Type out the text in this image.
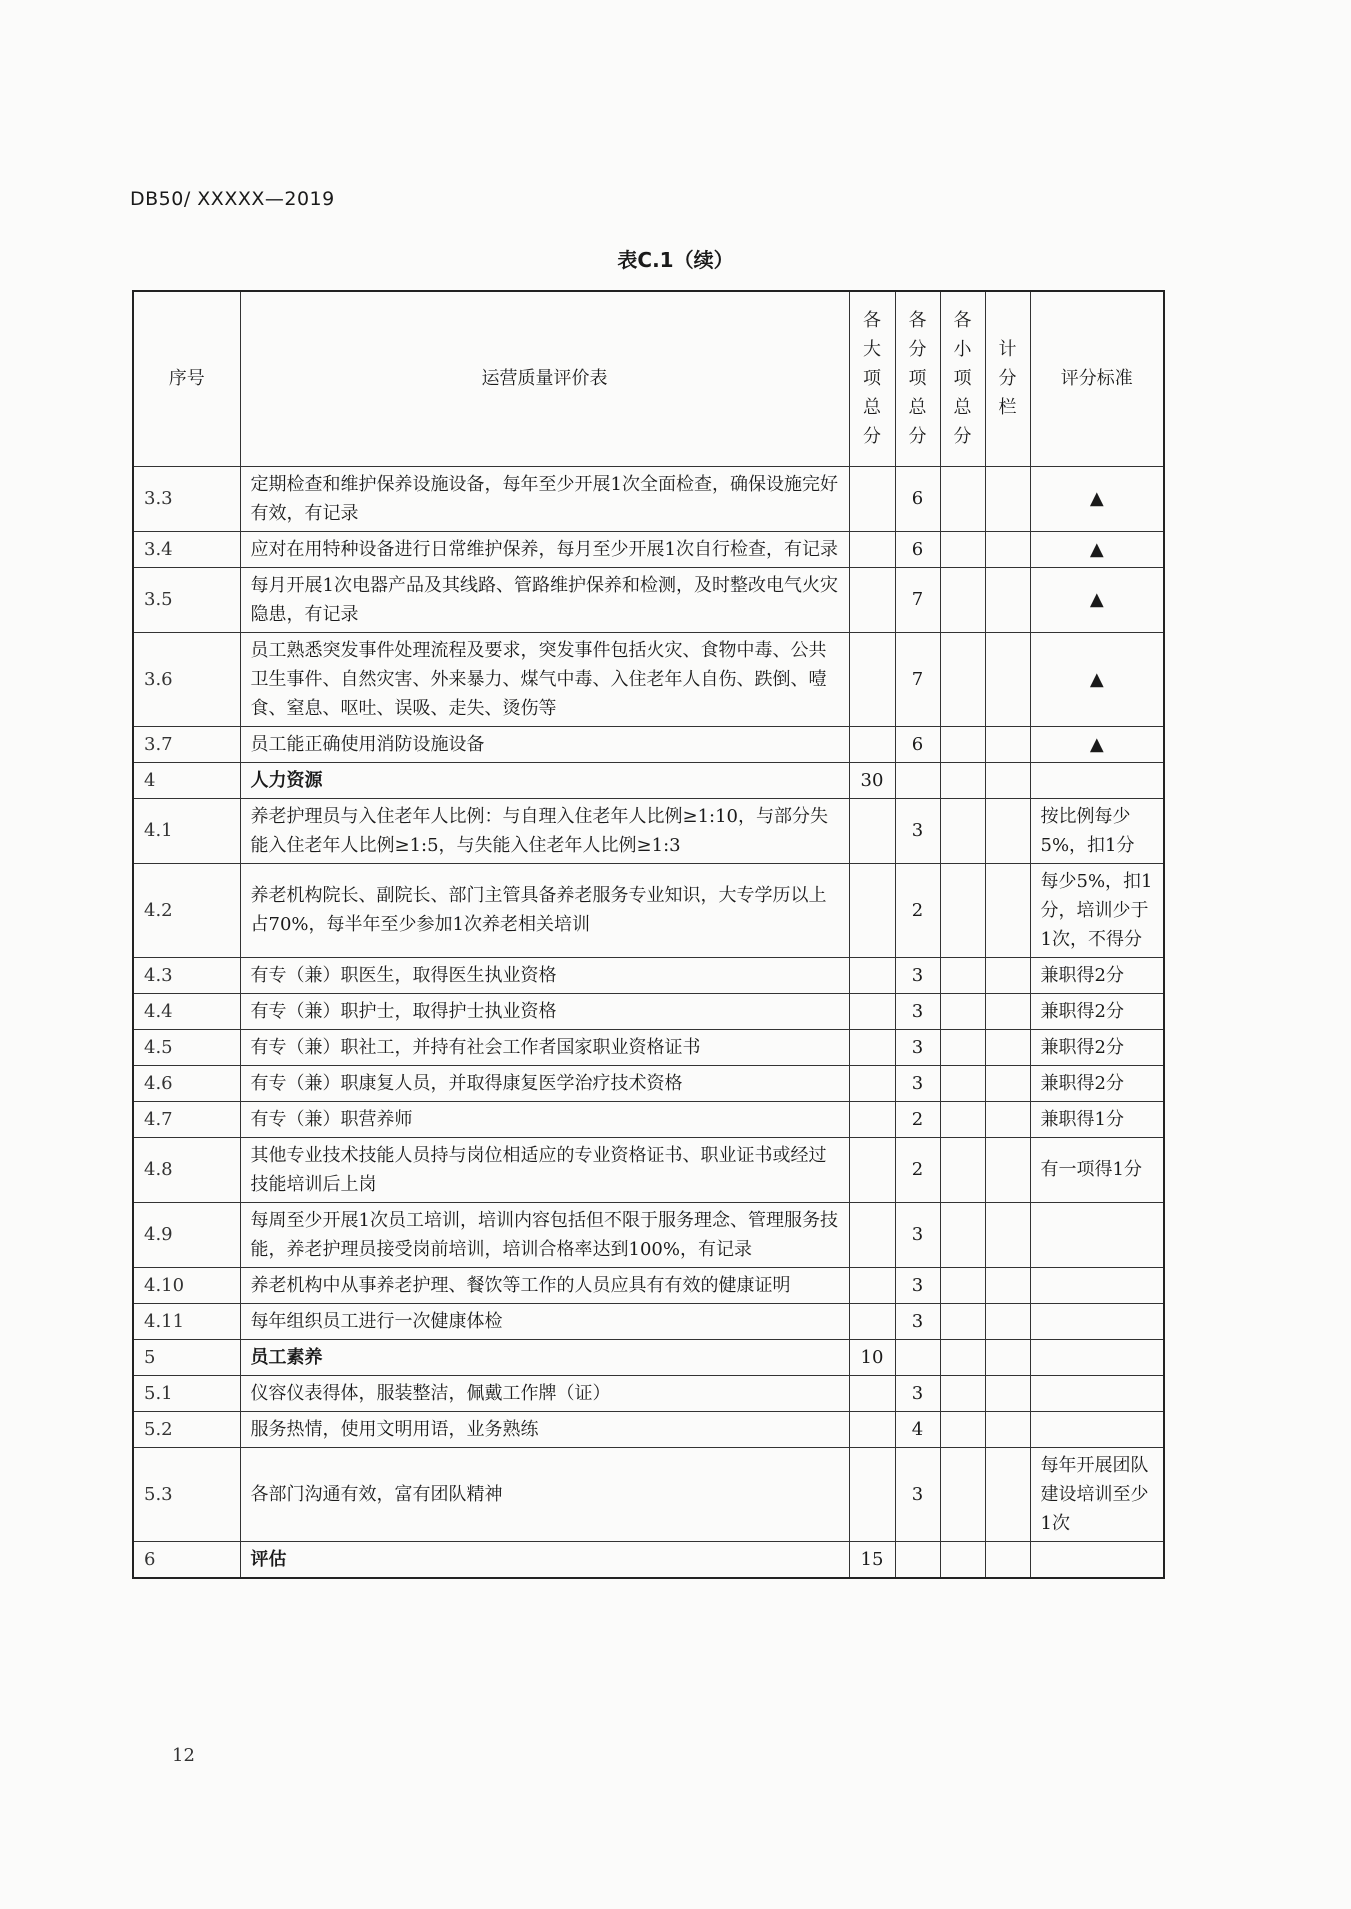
DB50/ XXXXX—2019
表C.1（续）
序号	运营质量评价表	各大项总分	各分项总分	各小项总分	计分栏	评分标准
3.3	定期检查和维护保养设施设备，每年至少开展1次全面检查，确保设施完好有效，有记录		6			▲
3.4	应对在用特种设备进行日常维护保养，每月至少开展1次自行检查，有记录		6			▲
3.5	每月开展1次电器产品及其线路、管路维护保养和检测，及时整改电气火灾隐患，有记录		7			▲
3.6	员工熟悉突发事件处理流程及要求，突发事件包括火灾、食物中毒、公共卫生事件、自然灾害、外来暴力、煤气中毒、入住老年人自伤、跌倒、噎食、窒息、呕吐、误吸、走失、烫伤等		7			▲
3.7	员工能正确使用消防设施设备		6			▲
4	人力资源	30				
4.1	养老护理员与入住老年人比例：与自理入住老年人比例≥1:10，与部分失能入住老年人比例≥1:5，与失能入住老年人比例≥1:3		3			按比例每少5%，扣1分
4.2	养老机构院长、副院长、部门主管具备养老服务专业知识，大专学历以上占70%，每半年至少参加1次养老相关培训		2			每少5%，扣1分，培训少于1次，不得分
4.3	有专（兼）职医生，取得医生执业资格		3			兼职得2分
4.4	有专（兼）职护士，取得护士执业资格		3			兼职得2分
4.5	有专（兼）职社工，并持有社会工作者国家职业资格证书		3			兼职得2分
4.6	有专（兼）职康复人员，并取得康复医学治疗技术资格		3			兼职得2分
4.7	有专（兼）职营养师		2			兼职得1分
4.8	其他专业技术技能人员持与岗位相适应的专业资格证书、职业证书或经过技能培训后上岗		2			有一项得1分
4.9	每周至少开展1次员工培训，培训内容包括但不限于服务理念、管理服务技能，养老护理员接受岗前培训，培训合格率达到100%，有记录		3			
4.10	养老机构中从事养老护理、餐饮等工作的人员应具有有效的健康证明		3			
4.11	每年组织员工进行一次健康体检		3			
5	员工素养	10				
5.1	仪容仪表得体，服装整洁，佩戴工作牌（证）		3			
5.2	服务热情，使用文明用语，业务熟练		4			
5.3	各部门沟通有效，富有团队精神		3			每年开展团队建设培训至少1次
6	评估	15				
12
